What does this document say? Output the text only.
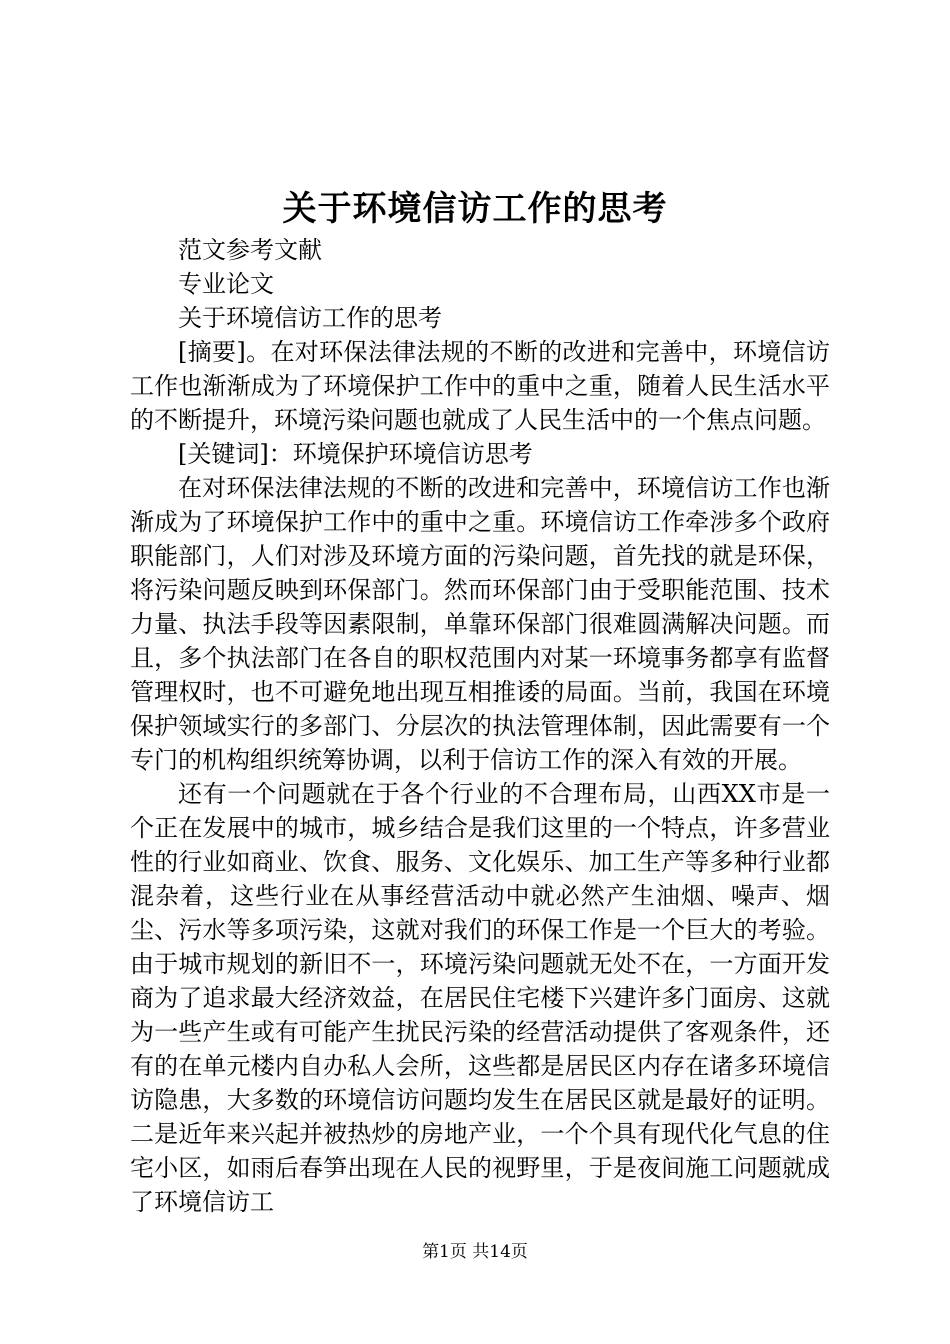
关于环境信访工作的思考

范文参考文献

专业论文

关于环境信访工作的思考

[摘要]。在对环保法律法规的不断的改进和完善中，环境信访工作也渐渐成为了环境保护工作中的重中之重，随着人民生活水平的不断提升，环境污染问题也就成了人民生活中的一个焦点问题。

[关键词]：环境保护环境信访思考

在对环保法律法规的不断的改进和完善中，环境信访工作也渐渐成为了环境保护工作中的重中之重。环境信访工作牵涉多个政府职能部门，人们对涉及环境方面的污染问题，首先找的就是环保，将污染问题反映到环保部门。然而环保部门由于受职能范围、技术力量、执法手段等因素限制，单靠环保部门很难圆满解决问题。而且，多个执法部门在各自的职权范围内对某一环境事务都享有监督管理权时，也不可避免地出现互相推诿的局面。当前，我国在环境保护领域实行的多部门、分层次的执法管理体制，因此需要有一个专门的机构组织统筹协调，以利于信访工作的深入有效的开展。

还有一个问题就在于各个行业的不合理布局，山西XX市是一个正在发展中的城市，城乡结合是我们这里的一个特点，许多营业性的行业如商业、饮食、服务、文化娱乐、加工生产等多种行业都混杂着，这些行业在从事经营活动中就必然产生油烟、噪声、烟尘、污水等多项污染，这就对我们的环保工作是一个巨大的考验。由于城市规划的新旧不一，环境污染问题就无处不在，一方面开发商为了追求最大经济效益，在居民住宅楼下兴建许多门面房、这就为一些产生或有可能产生扰民污染的经营活动提供了客观条件，还有的在单元楼内自办私人会所，这些都是居民区内存在诸多环境信访隐患，大多数的环境信访问题均发生在居民区就是最好的证明。二是近年来兴起并被热炒的房地产业，一个个具有现代化气息的住宅小区，如雨后春笋出现在人民的视野里，于是夜间施工问题就成了环境信访工

第1页 共14页
